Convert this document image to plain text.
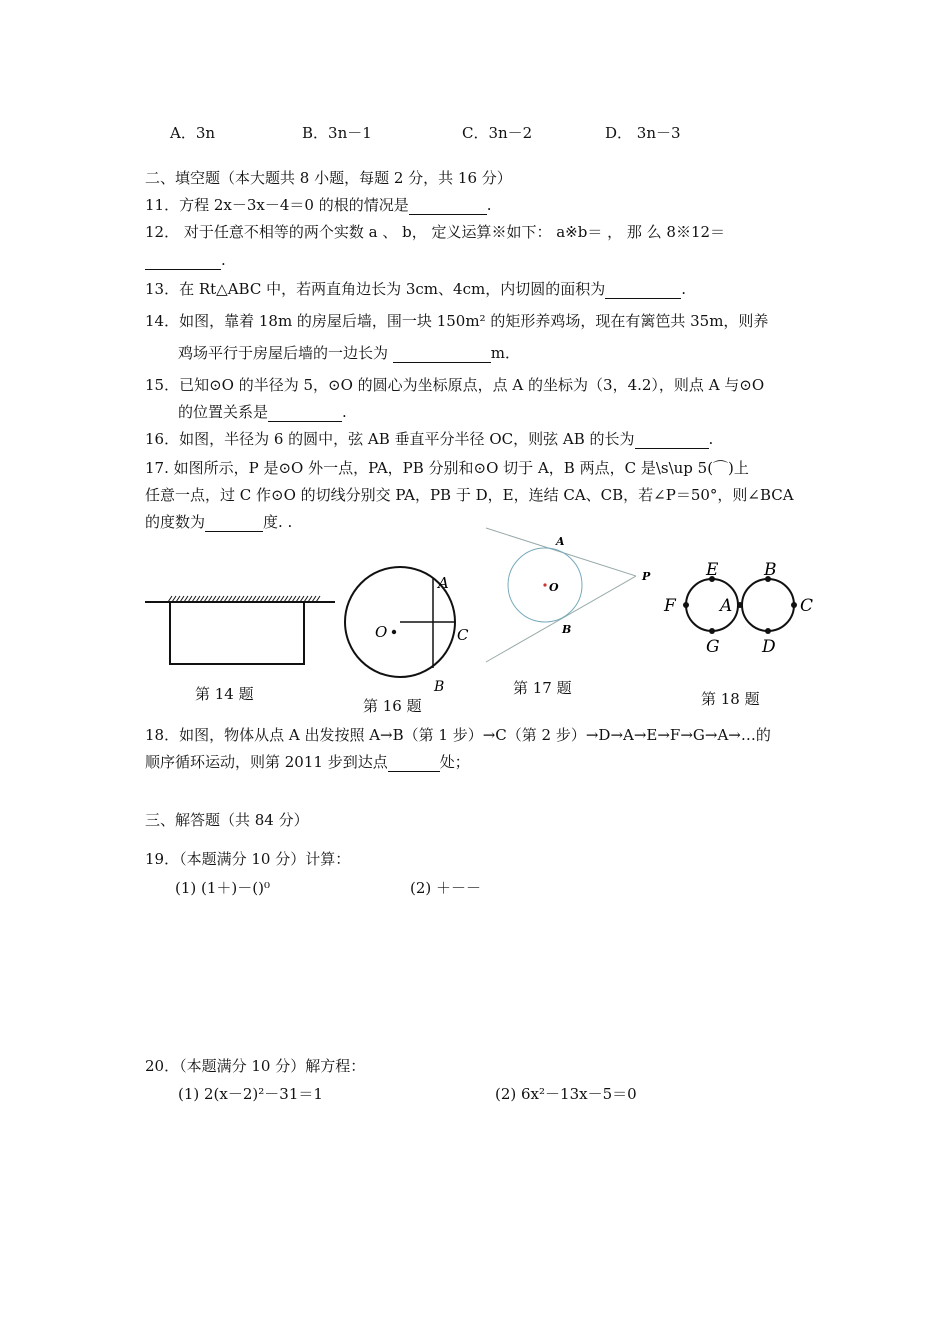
A．3n	B．3n－1	C．3n－2	D． 3n－3
二、填空题（本大题共 8 小题，每题 2 分，共 16 分）
11．方程 2x－3x－4＝0 的根的情况是	.
12． 对于任意不相等的两个实数 a 、 b， 定义运算※如下： a※b＝ ， 那 么 8※12＝
.
13．在 Rt△ABC 中，若两直角边长为 3cm、4cm，内切圆的面积为	.
14．如图，靠着 18m 的房屋后墙，围一块 150m² 的矩形养鸡场，现在有篱笆共 35m，则养
鸡场平行于房屋后墙的一边长为	m．
15．已知⊙O 的半径为 5，⊙O 的圆心为坐标原点，点 A 的坐标为（3，4.2），则点 A 与⊙O
的位置关系是	.
16．如图，半径为 6 的圆中，弦 AB 垂直平分半径 OC，则弦 AB 的长为	.
17. 如图所示，P 是⊙O 外一点，PA，PB 分别和⊙O 切于 A，B 两点，C 是\s\up 5(⌒)上
任意一点，过 C 作⊙O 的切线分别交 PA，PB 于 D，E，连结 CA、CB，若∠P＝50°，则∠BCA
的度数为	度. .
第 14 题
O
A
C
B
第 16 题
A
O
P
B
第 17 题
E	B
F	A	C
G D
第 18 题
18．如图，物体从点 A 出发按照 A→B（第 1 步）→C（第 2 步）→D→A→E→F→G→A→…的
顺序循环运动，则第 2011 步到达点	处；
三、解答题（共 84 分）
19．（本题满分 10 分）计算：
(1) (1＋)－()⁰	(2) ＋－－
20．（本题满分 10 分）解方程：
(1) 2(x－2)²－31＝1	(2) 6x²－13x－5＝0
